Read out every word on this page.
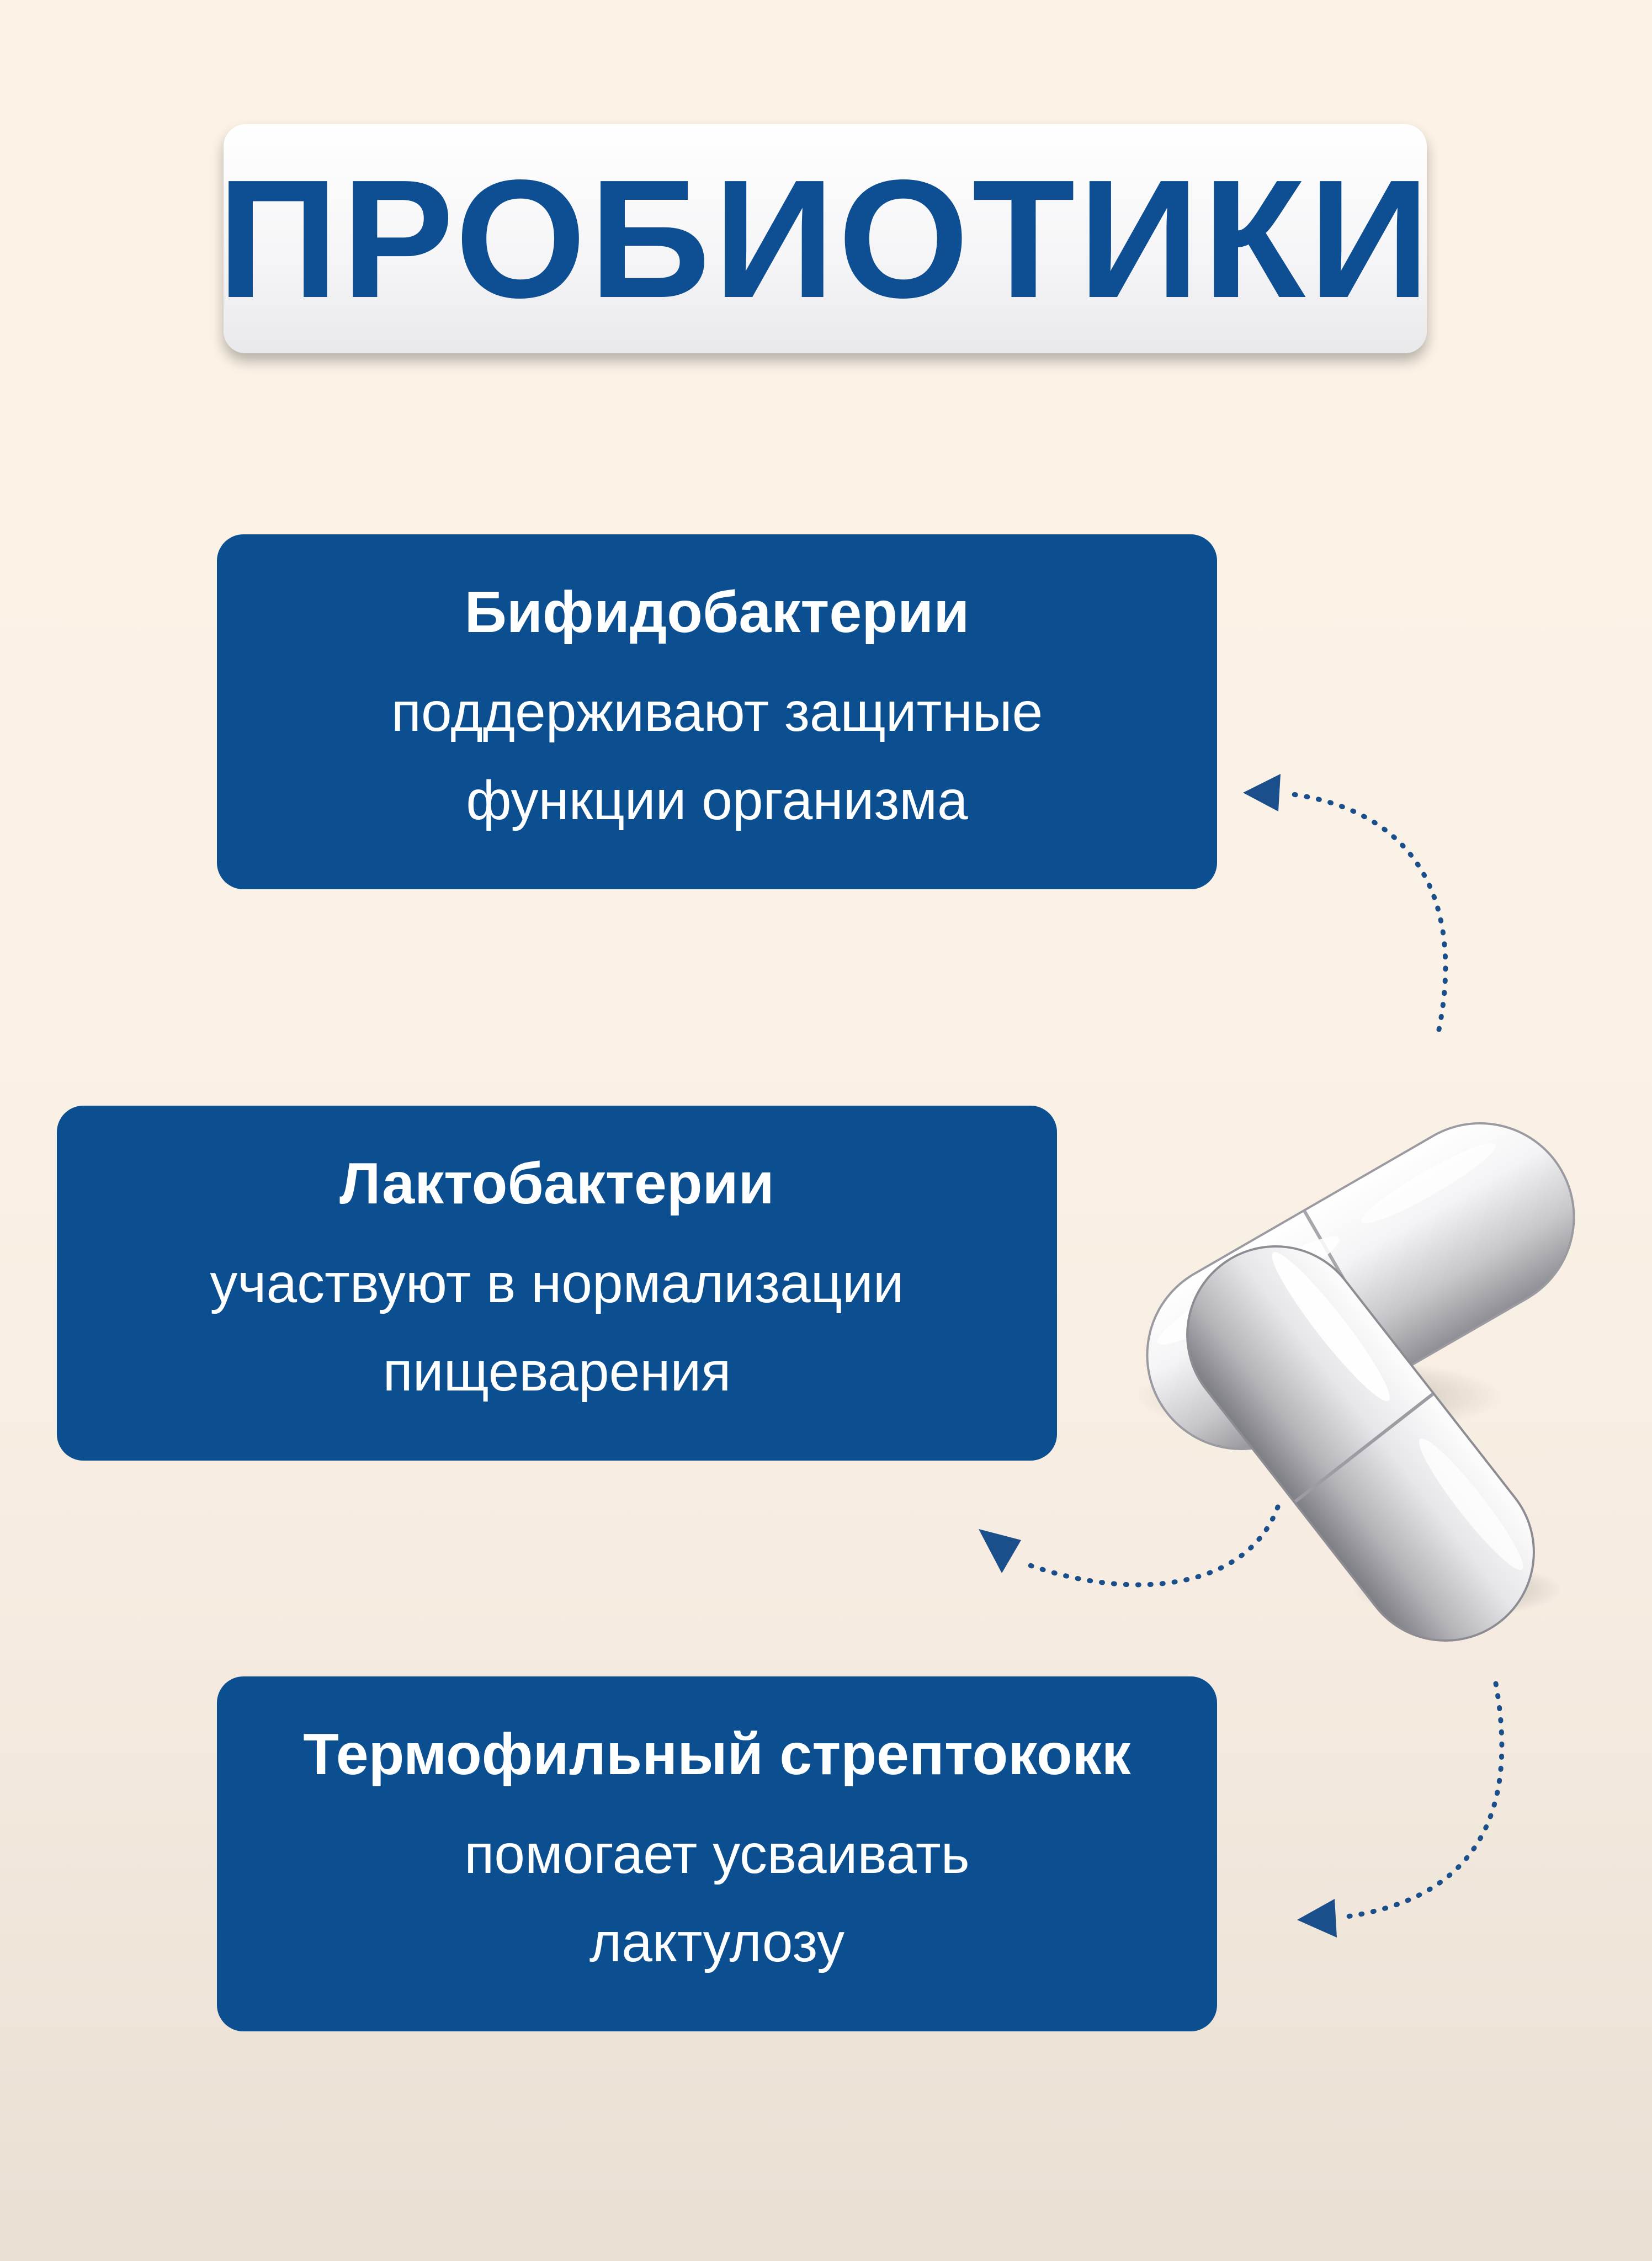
ПРОБИОТИКИ
Бифидобактерии
поддерживают защитные
функции организма
Лактобактерии
участвуют в нормализации
пищеварения
Термофильный стрептококк
помогает усваивать
лактулозу
